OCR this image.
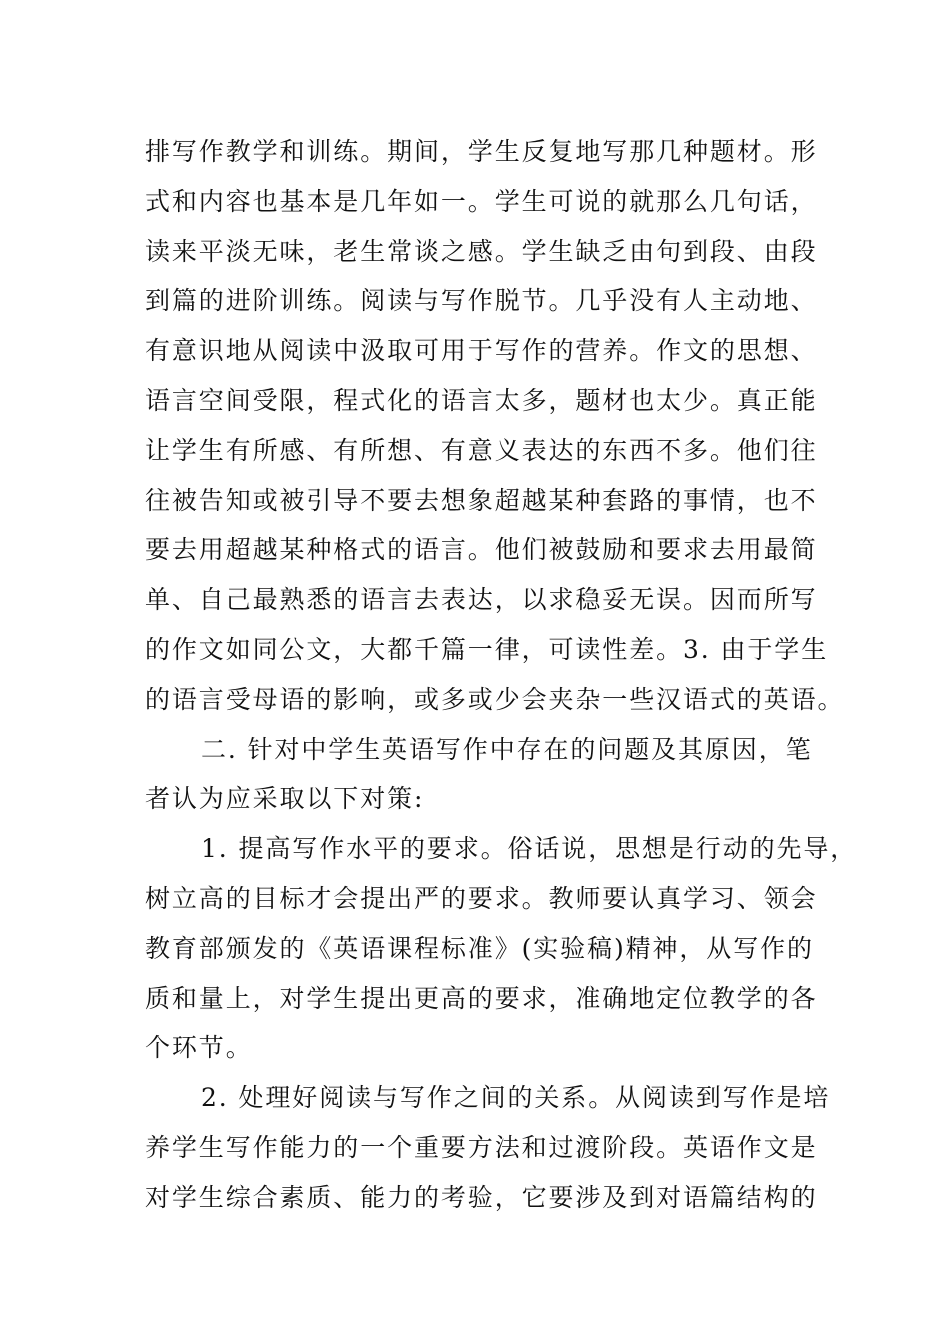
排写作教学和训练。期间，学生反复地写那几种题材。形
式和内容也基本是几年如一。学生可说的就那么几句话，
读来平淡无味，老生常谈之感。学生缺乏由句到段、由段
到篇的进阶训练。阅读与写作脱节。几乎没有人主动地、
有意识地从阅读中汲取可用于写作的营养。作文的思想、
语言空间受限，程式化的语言太多，题材也太少。真正能
让学生有所感、有所想、有意义表达的东西不多。他们往
往被告知或被引导不要去想象超越某种套路的事情，也不
要去用超越某种格式的语言。他们被鼓励和要求去用最简
单、自己最熟悉的语言去表达，以求稳妥无误。因而所写
的作文如同公文，大都千篇一律，可读性差。3. 由于学生
的语言受母语的影响，或多或少会夹杂一些汉语式的英语。
二. 针对中学生英语写作中存在的问题及其原因，笔
者认为应采取以下对策:
1. 提高写作水平的要求。俗话说，思想是行动的先导，
树立高的目标才会提出严的要求。教师要认真学习、领会
教育部颁发的《英语课程标准》(实验稿)精神，从写作的
质和量上，对学生提出更高的要求，准确地定位教学的各
个环节。
2. 处理好阅读与写作之间的关系。从阅读到写作是培
养学生写作能力的一个重要方法和过渡阶段。英语作文是
对学生综合素质、能力的考验，它要涉及到对语篇结构的
